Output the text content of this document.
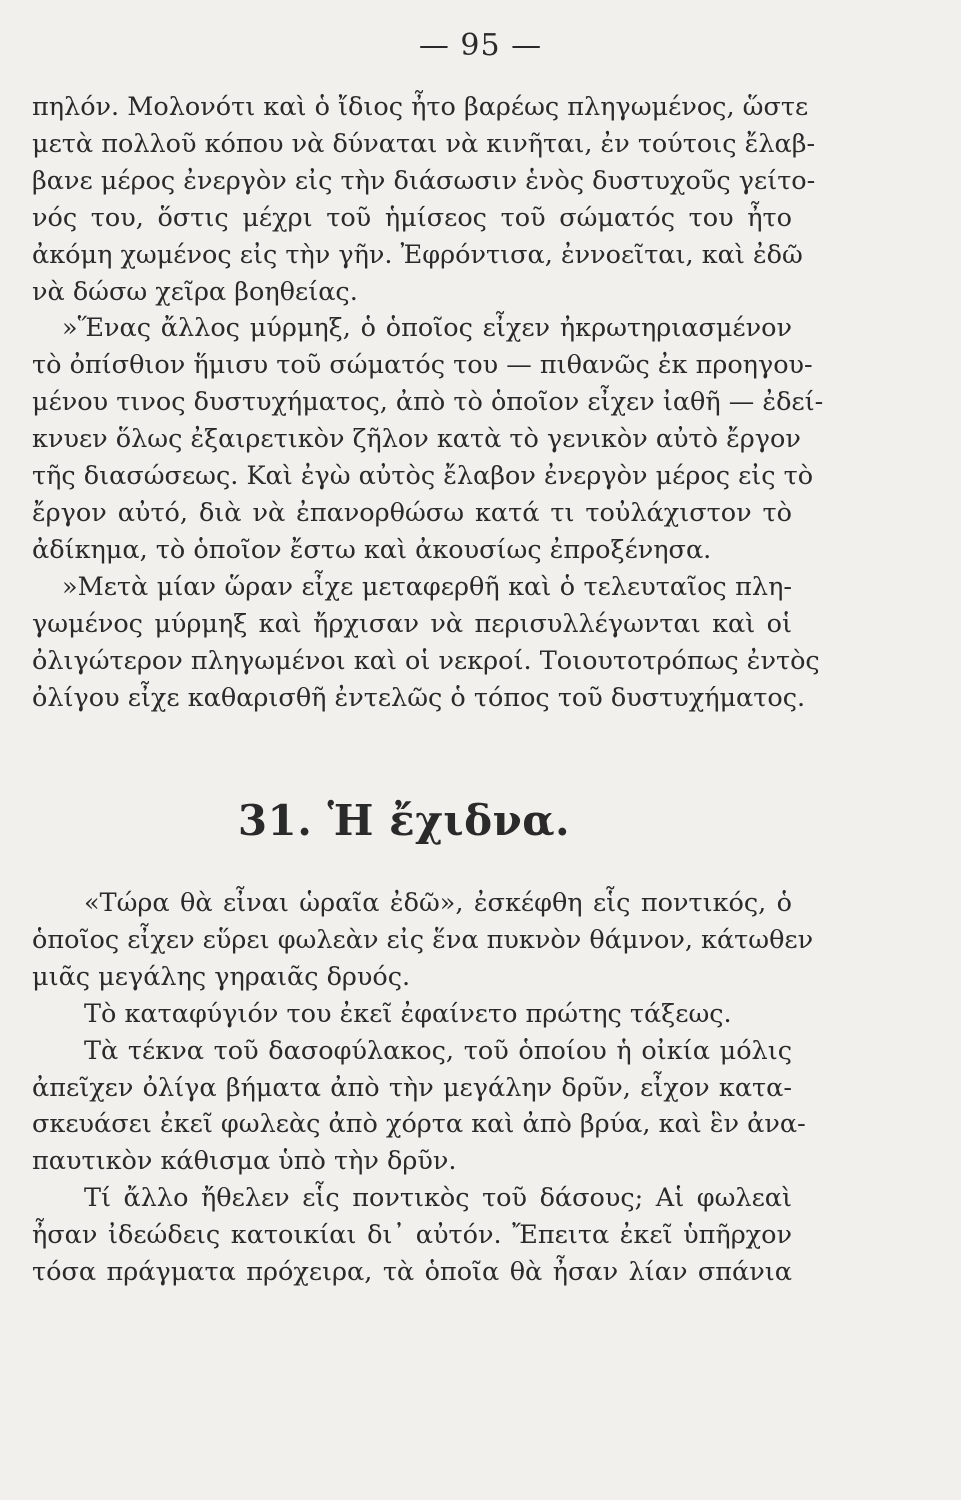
— 95 —
πηλόν. Μολονότι καὶ ὁ ἴδιος ἦτο βαρέως πληγωμένος, ὥστε
μετὰ πολλοῦ κόπου νὰ δύναται νὰ κινῆται, ἐν τούτοις ἔλαβ-
βανε μέρος ἐνεργὸν εἰς τὴν διάσωσιν ἑνὸς δυστυχοῦς γείτο-
νός του, ὅστις μέχρι τοῦ ἡμίσεος τοῦ σώματός του ἦτο
ἀκόμη χωμένος εἰς τὴν γῆν. Ἐφρόντισα, ἐννοεῖται, καὶ ἐδῶ
νὰ δώσω χεῖρα βοηθείας.
»Ἕνας ἄλλος μύρμηξ, ὁ ὁποῖος εἶχεν ἠκρωτηριασμένον
τὸ ὀπίσθιον ἥμισυ τοῦ σώματός του — πιθανῶς ἐκ προηγου-
μένου τινος δυστυχήματος, ἀπὸ τὸ ὁποῖον εἶχεν ἰαθῆ — ἐδεί-
κνυεν ὅλως ἐξαιρετικὸν ζῆλον κατὰ τὸ γενικὸν αὐτὸ ἔργον
τῆς διασώσεως. Καὶ ἐγὼ αὐτὸς ἔλαβον ἐνεργὸν μέρος εἰς τὸ
ἔργον αὐτό, διὰ νὰ ἐπανορθώσω κατά τι τοὐλάχιστον τὸ
ἀδίκημα, τὸ ὁποῖον ἔστω καὶ ἀκουσίως ἐπροξένησα.
»Μετὰ μίαν ὥραν εἶχε μεταφερθῆ καὶ ὁ τελευταῖος πλη-
γωμένος μύρμηξ καὶ ἤρχισαν νὰ περισυλλέγωνται καὶ οἱ
ὀλιγώτερον πληγωμένοι καὶ οἱ νεκροί. Τοιουτοτρόπως ἐντὸς
ὀλίγου εἶχε καθαρισθῆ ἐντελῶς ὁ τόπος τοῦ δυστυχήματος.
31. Ἡ ἔχιδνα.
«Τώρα θὰ εἶναι ὡραῖα ἐδῶ», ἐσκέφθη εἷς ποντικός, ὁ
ὁποῖος εἶχεν εὕρει φωλεὰν εἰς ἕνα πυκνὸν θάμνον, κάτωθεν
μιᾶς μεγάλης γηραιᾶς δρυός.
Τὸ καταφύγιόν του ἐκεῖ ἐφαίνετο πρώτης τάξεως.
Τὰ τέκνα τοῦ δασοφύλακος, τοῦ ὁποίου ἡ οἰκία μόλις
ἀπεῖχεν ὀλίγα βήματα ἀπὸ τὴν μεγάλην δρῦν, εἶχον κατα-
σκευάσει ἐκεῖ φωλεὰς ἀπὸ χόρτα καὶ ἀπὸ βρύα, καὶ ἓν ἀνα-
παυτικὸν κάθισμα ὑπὸ τὴν δρῦν.
Τί ἄλλο ἤθελεν εἷς ποντικὸς τοῦ δάσους; Αἱ φωλεαὶ
ἦσαν ἰδεώδεις κατοικίαι δι᾽ αὐτόν. Ἔπειτα ἐκεῖ ὑπῆρχον
τόσα πράγματα πρόχειρα, τὰ ὁποῖα θὰ ἦσαν λίαν σπάνια
